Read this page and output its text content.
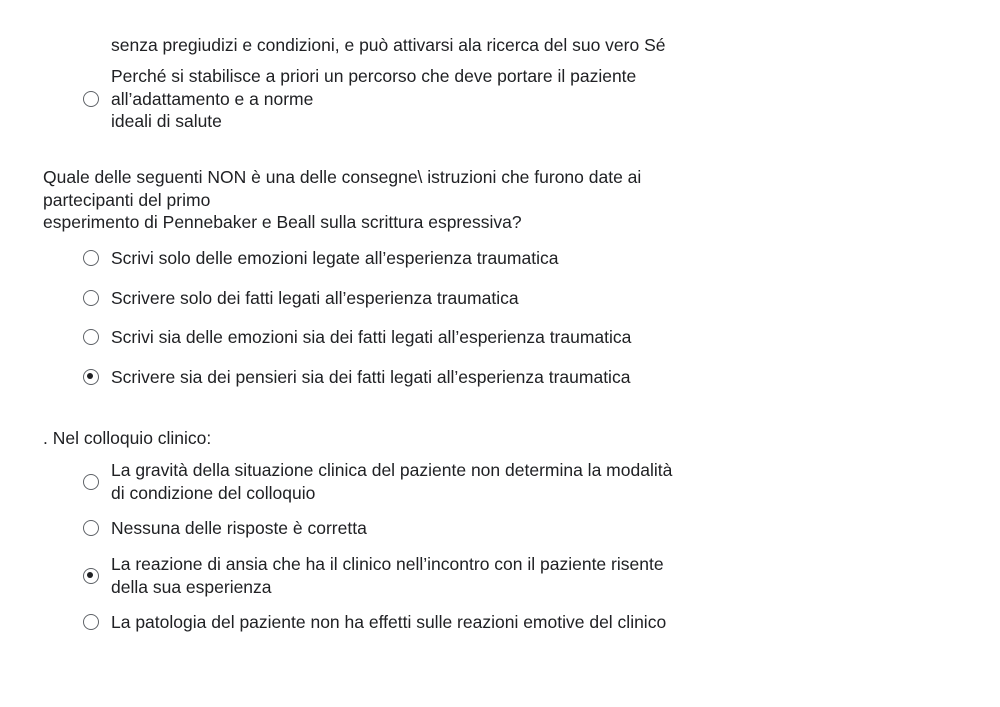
senza pregiudizi e condizioni, e può attivarsi ala ricerca del suo vero Sé
Perché si stabilisce a priori un percorso che deve portare il paziente
all’adattamento e a norme
ideali di salute
Quale delle seguenti NON è una delle consegne\ istruzioni che furono date ai
partecipanti del primo
esperimento di Pennebaker e Beall sulla scrittura espressiva?
Scrivi solo delle emozioni legate all’esperienza traumatica
Scrivere solo dei fatti legati all’esperienza traumatica
Scrivi sia delle emozioni sia dei fatti legati all’esperienza traumatica
Scrivere sia dei pensieri sia dei fatti legati all’esperienza traumatica
. Nel colloquio clinico:
La gravità della situazione clinica del paziente non determina la modalità
di condizione del colloquio
Nessuna delle risposte è corretta
La reazione di ansia che ha il clinico nell’incontro con il paziente risente
della sua esperienza
La patologia del paziente non ha effetti sulle reazioni emotive del clinico
